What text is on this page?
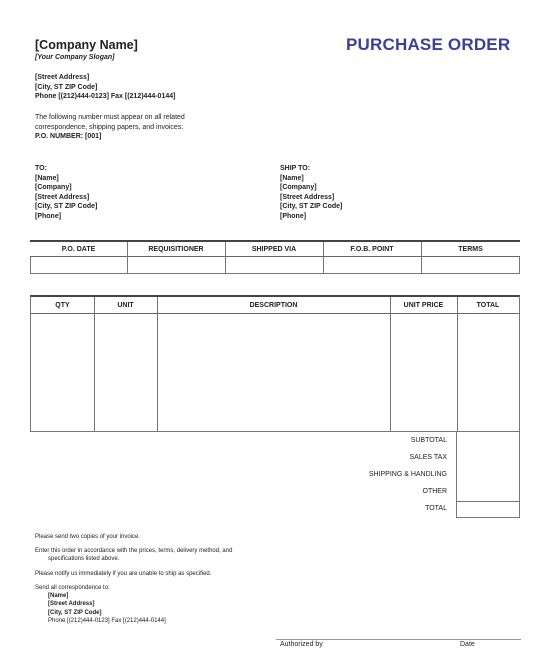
[Company Name]
[Your Company Slogan]
PURCHASE ORDER
[Street Address]
[City, ST ZIP Code]
Phone [(212)444-0123] Fax [(212)444-0144]
The following number must appear on all related
correspondence, shipping papers, and invoices:
P.O. NUMBER: [001]
TO:
[Name]
[Company]
[Street Address]
[City, ST ZIP Code]
[Phone]
SHIP TO:
[Name]
[Company]
[Street Address]
[City, ST ZIP Code]
[Phone]
P.O. DATE	REQUISITIONER	SHIPPED VIA	F.O.B. POINT	TERMS
QTY	UNIT	DESCRIPTION	UNIT PRICE	TOTAL
SUBTOTAL
SALES TAX
SHIPPING & HANDLING
OTHER
TOTAL
Please send two copies of your invoice.
Enter this order in accordance with the prices, terms, delivery method, and
specifications listed above.
Please notify us immediately if you are unable to ship as specified.
Send all correspondence to:
[Name]
[Street Address]
[City, ST ZIP Code]
Phone [(212)444-0123] Fax [(212)444-0144]
Authorized by	Date
